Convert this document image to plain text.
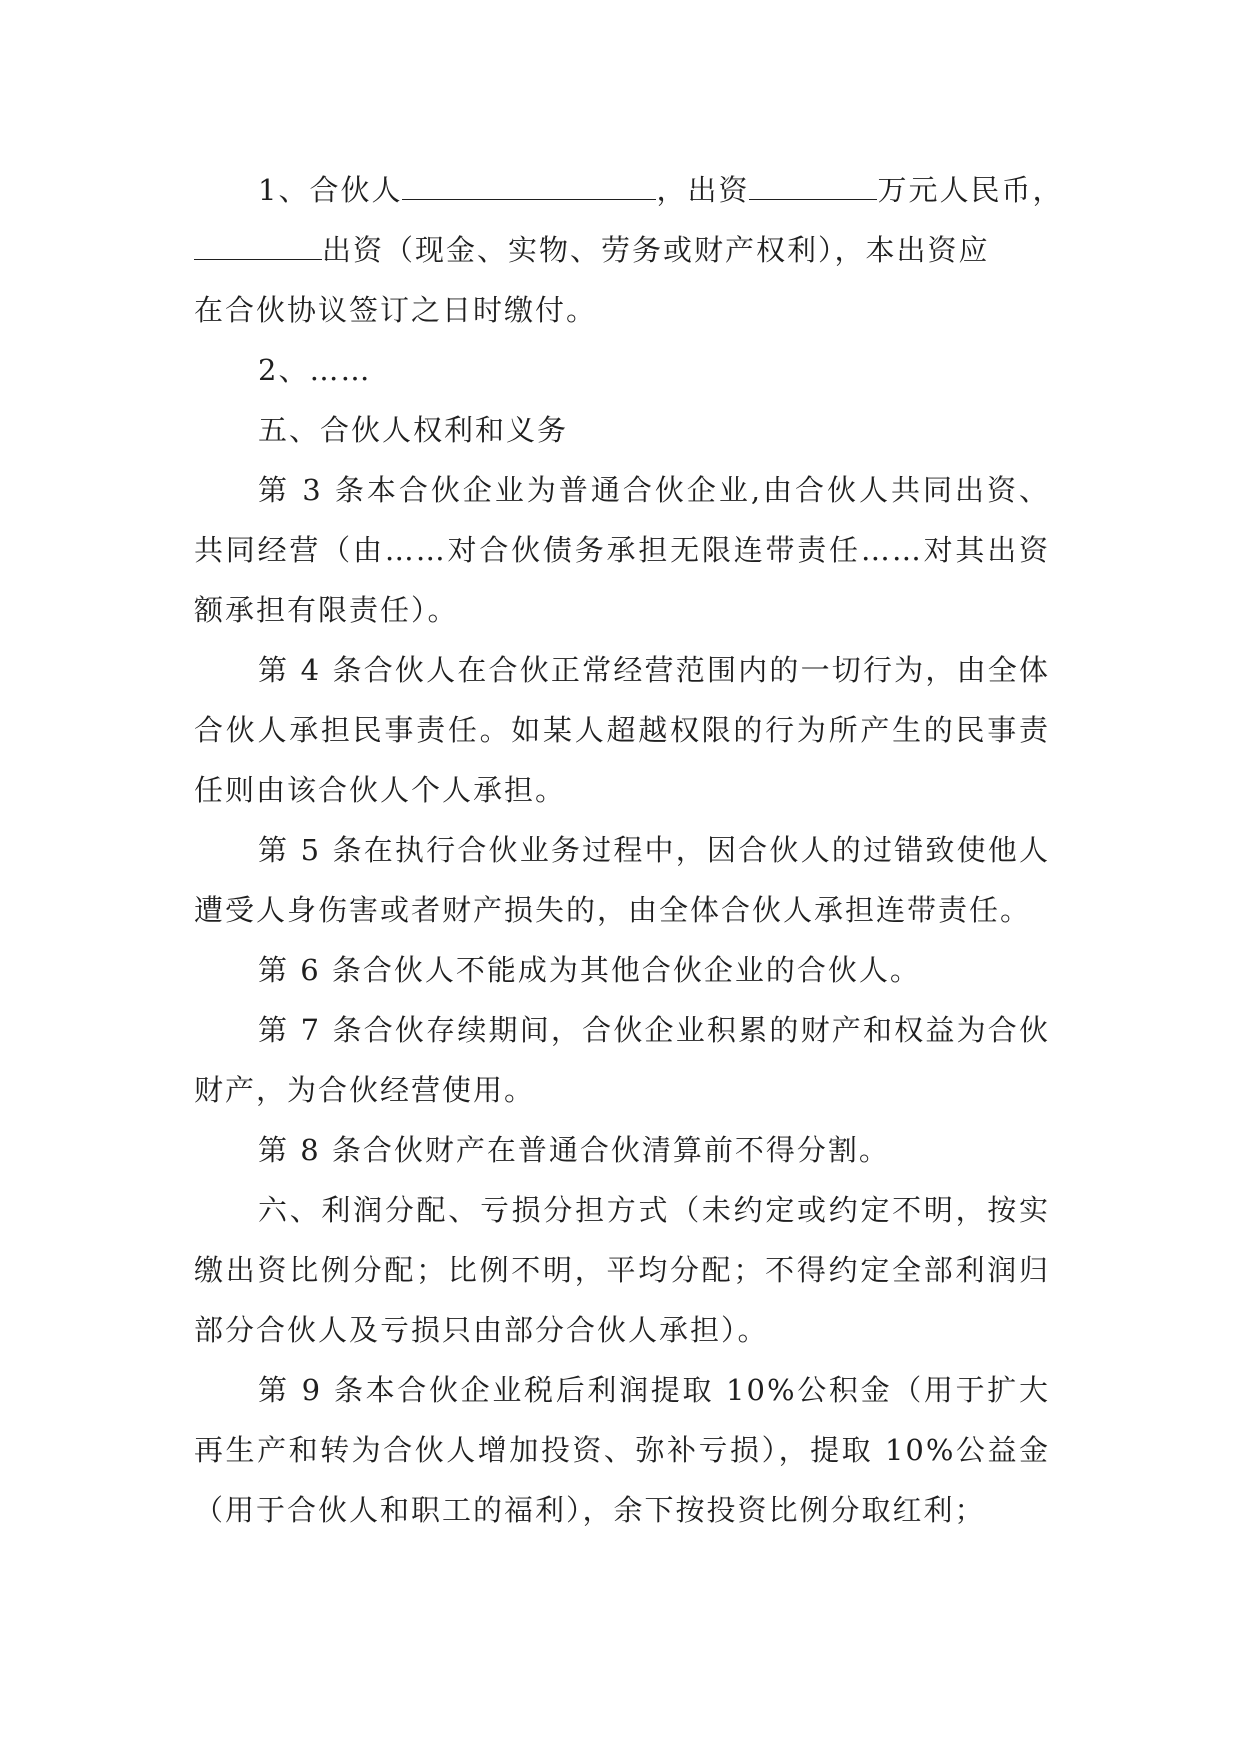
1、合伙人	，出资	万元人民币，

出资（现金、实物、劳务或财产权利），本出资应

在合伙协议签订之日时缴付。

2、……

五、合伙人权利和义务

第 3 条本合伙企业为普通合伙企业,由合伙人共同出资、共同经营（由……对合伙债务承担无限连带责任……对其出资额承担有限责任）。

第 4 条合伙人在合伙正常经营范围内的一切行为，由全体合伙人承担民事责任。如某人超越权限的行为所产生的民事责任则由该合伙人个人承担。

第 5 条在执行合伙业务过程中，因合伙人的过错致使他人遭受人身伤害或者财产损失的，由全体合伙人承担连带责任。

第 6 条合伙人不能成为其他合伙企业的合伙人。

第 7 条合伙存续期间，合伙企业积累的财产和权益为合伙财产，为合伙经营使用。

第 8 条合伙财产在普通合伙清算前不得分割。

六、利润分配、亏损分担方式（未约定或约定不明，按实缴出资比例分配；比例不明，平均分配；不得约定全部利润归部分合伙人及亏损只由部分合伙人承担）。

第 9 条本合伙企业税后利润提取 10%公积金（用于扩大再生产和转为合伙人增加投资、弥补亏损），提取 10%公益金（用于合伙人和职工的福利），余下按投资比例分取红利；
